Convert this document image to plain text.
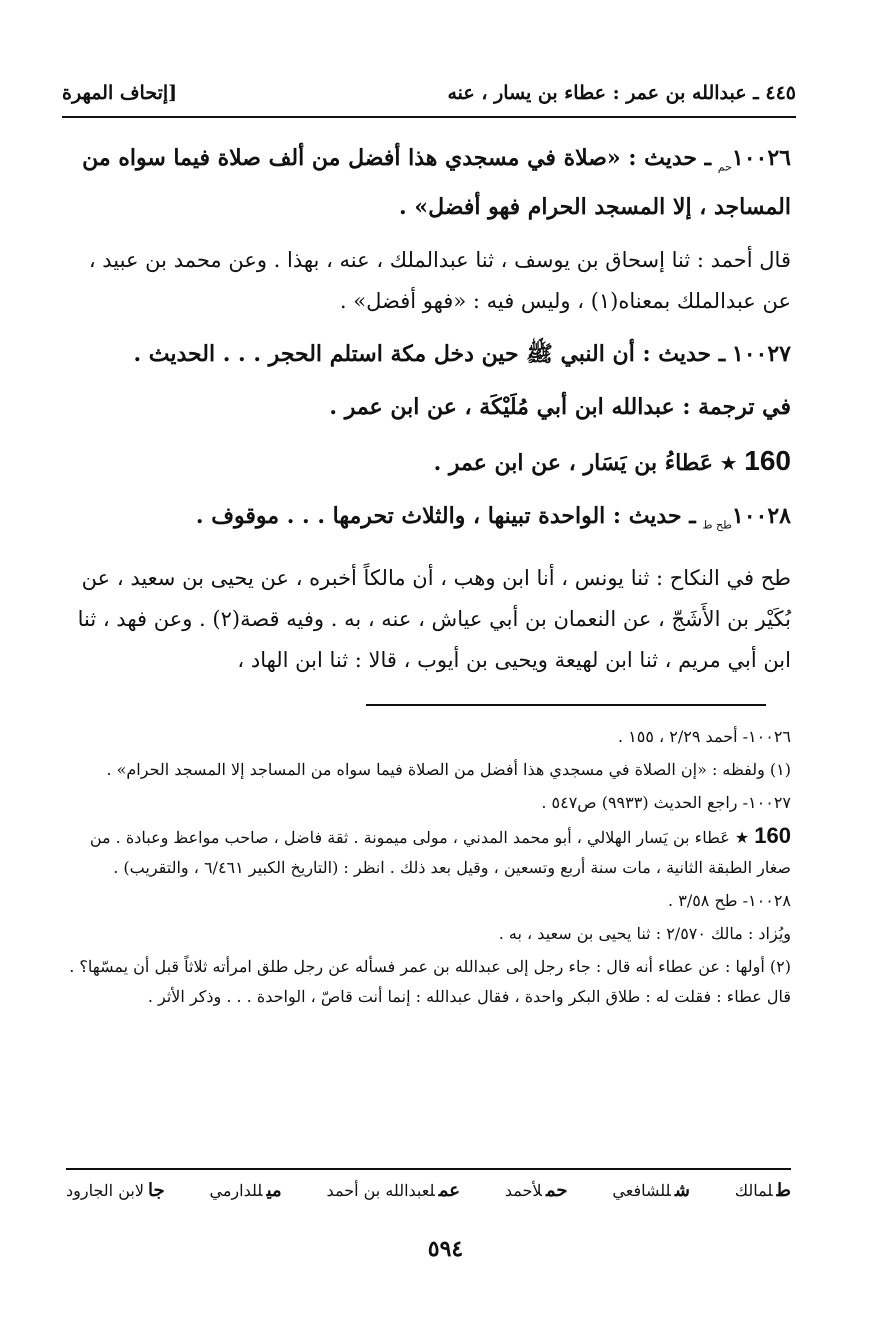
٤٤٥ ـ عبدالله بن عمر : عطاء بن يسار ، عنه
[إتحاف المهرة

$١٠٠٢٦_{حم}$ ـ حديث : «صلاة في مسجدي هذا أفضل من ألف صلاة فيما سواه من المساجد ، إلا المسجد الحرام فهو أفضل» .

قال أحمد : ثنا إسحاق بن يوسف ، ثنا عبدالملك ، عنه ، بهذا . وعن محمد بن عبيد ، عن عبدالملك بمعناه(١) ، وليس فيه : «فهو أفضل» .

١٠٠٢٧ ـ حديث : أن النبي ﷺ حين دخل مكة استلم الحجر . . . الحديث .

في ترجمة : عبدالله ابن أبي مُلَيْكَة ، عن ابن عمر .

160 ★ عَطاءُ بن يَسَار ، عن ابن عمر .

$١٠٠٢٨_{طح ط}$ ـ حديث : الواحدة تبينها ، والثلاث تحرمها . . . موقوف .

طح في النكاح : ثنا يونس ، أنا ابن وهب ، أن مالكاً أخبره ، عن يحيى بن سعيد ، عن بُكَيْر بن الأَشَجّ ، عن النعمان بن أبي عياش ، عنه ، به . وفيه قصة(٢) . وعن فهد ، ثنا ابن أبي مريم ، ثنا ابن لهيعة ويحيى بن أيوب ، قالا : ثنا ابن الهاد ،

١٠٠٢٦- أحمد ٢/٢٩ ، ١٥٥ .

(١) ولفظه : «إن الصلاة في مسجدي هذا أفضل من الصلاة فيما سواه من المساجد إلا المسجد الحرام» .

١٠٠٢٧- راجع الحديث (٩٩٣٣) ص٥٤٧ .

160 ★ عَطاء بن يَسار الهلالي ، أبو محمد المدني ، مولى ميمونة . ثقة فاضل ، صاحب مواعظ وعبادة . من صغار الطبقة الثانية ، مات سنة أربع وتسعين ، وقيل بعد ذلك . انظر : (التاريخ الكبير ٦/٤٦١ ، والتقريب) .

١٠٠٢٨- طح ٣/٥٨ .

ويُزاد : مالك ٢/٥٧٠ : ثنا يحيى بن سعيد ، به .

(٢) أولها : عن عطاء أنه قال : جاء رجل إلى عبدالله بن عمر فسأله عن رجل طلق امرأته ثلاثاً قبل أن يمسّها؟ . قال عطاء : فقلت له : طلاق البكر واحدة ، فقال عبدالله : إنما أنت قاصّ ، الواحدة . . . وذكر الأثر .

طلمالك
شللشافعي
حملأحمد
عملعبدالله بن أحمد
ميللدارمي
جالابن الجارود
٥٩٤
